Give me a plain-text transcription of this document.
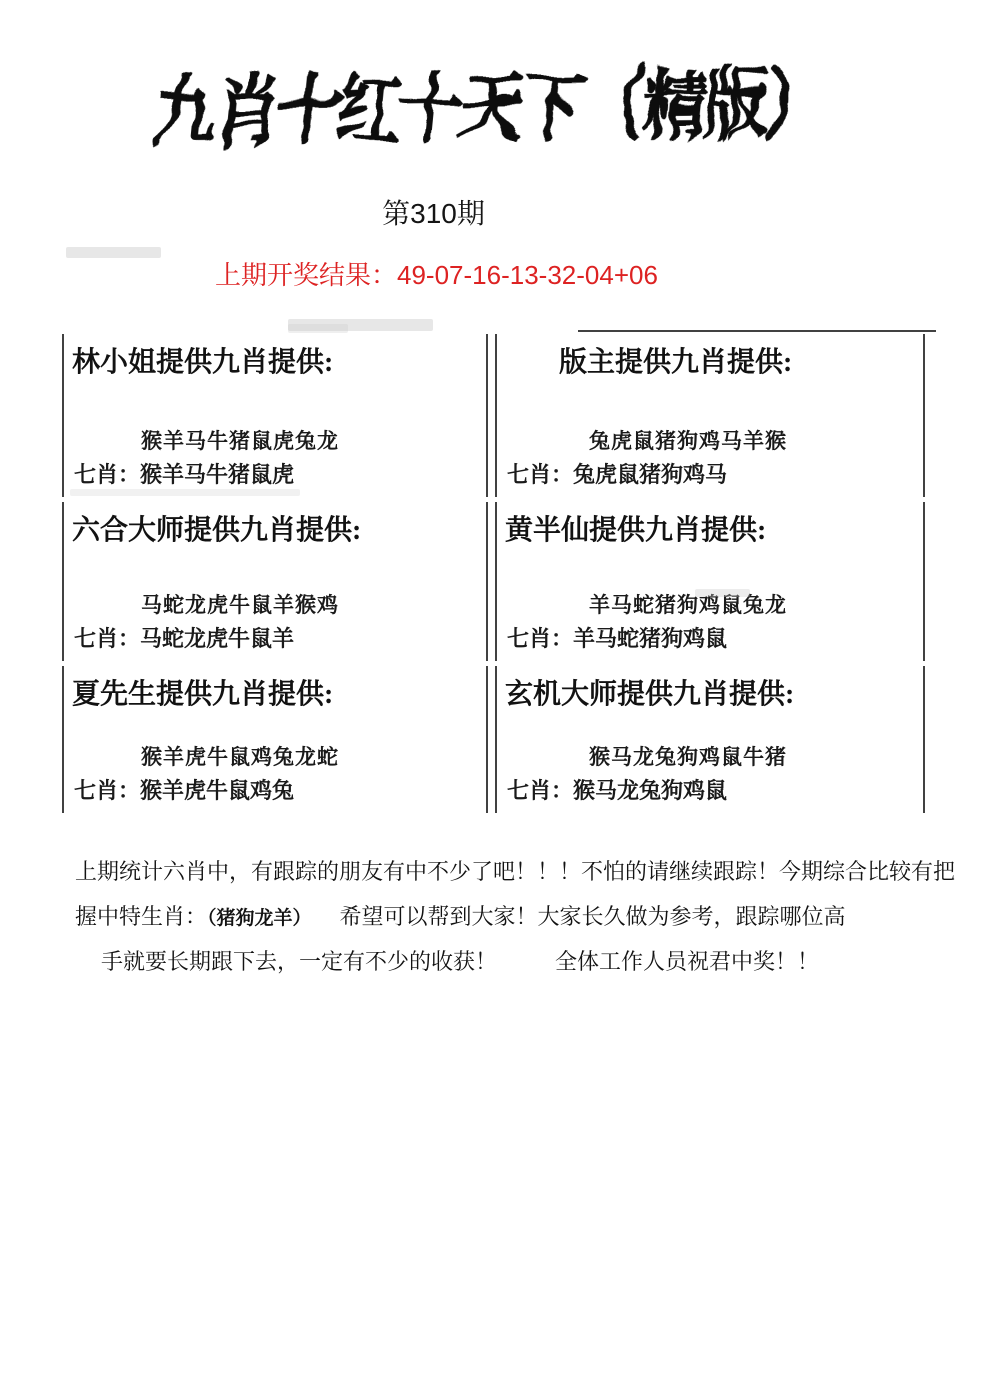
九肖十红十天下（精版）
第310期
上期开奖结果：49-07-16-13-32-04+06
林小姐提供九肖提供:
猴羊马牛猪鼠虎兔龙
七肖：猴羊马牛猪鼠虎
版主提供九肖提供:
兔虎鼠猪狗鸡马羊猴
七肖：兔虎鼠猪狗鸡马
六合大师提供九肖提供:
马蛇龙虎牛鼠羊猴鸡
七肖：马蛇龙虎牛鼠羊
黄半仙提供九肖提供:
羊马蛇猪狗鸡鼠兔龙
七肖：羊马蛇猪狗鸡鼠
夏先生提供九肖提供:
猴羊虎牛鼠鸡兔龙蛇
七肖：猴羊虎牛鼠鸡兔
玄机大师提供九肖提供:
猴马龙兔狗鸡鼠牛猪
七肖：猴马龙兔狗鸡鼠
上期统计六肖中，有跟踪的朋友有中不少了吧！！！不怕的请继续跟踪！今期综合比较有把
握中特生肖：（猪狗龙羊） 希望可以帮到大家！大家长久做为参考，跟踪哪位高
手就要长期跟下去，一定有不少的收获！	全体工作人员祝君中奖！！
